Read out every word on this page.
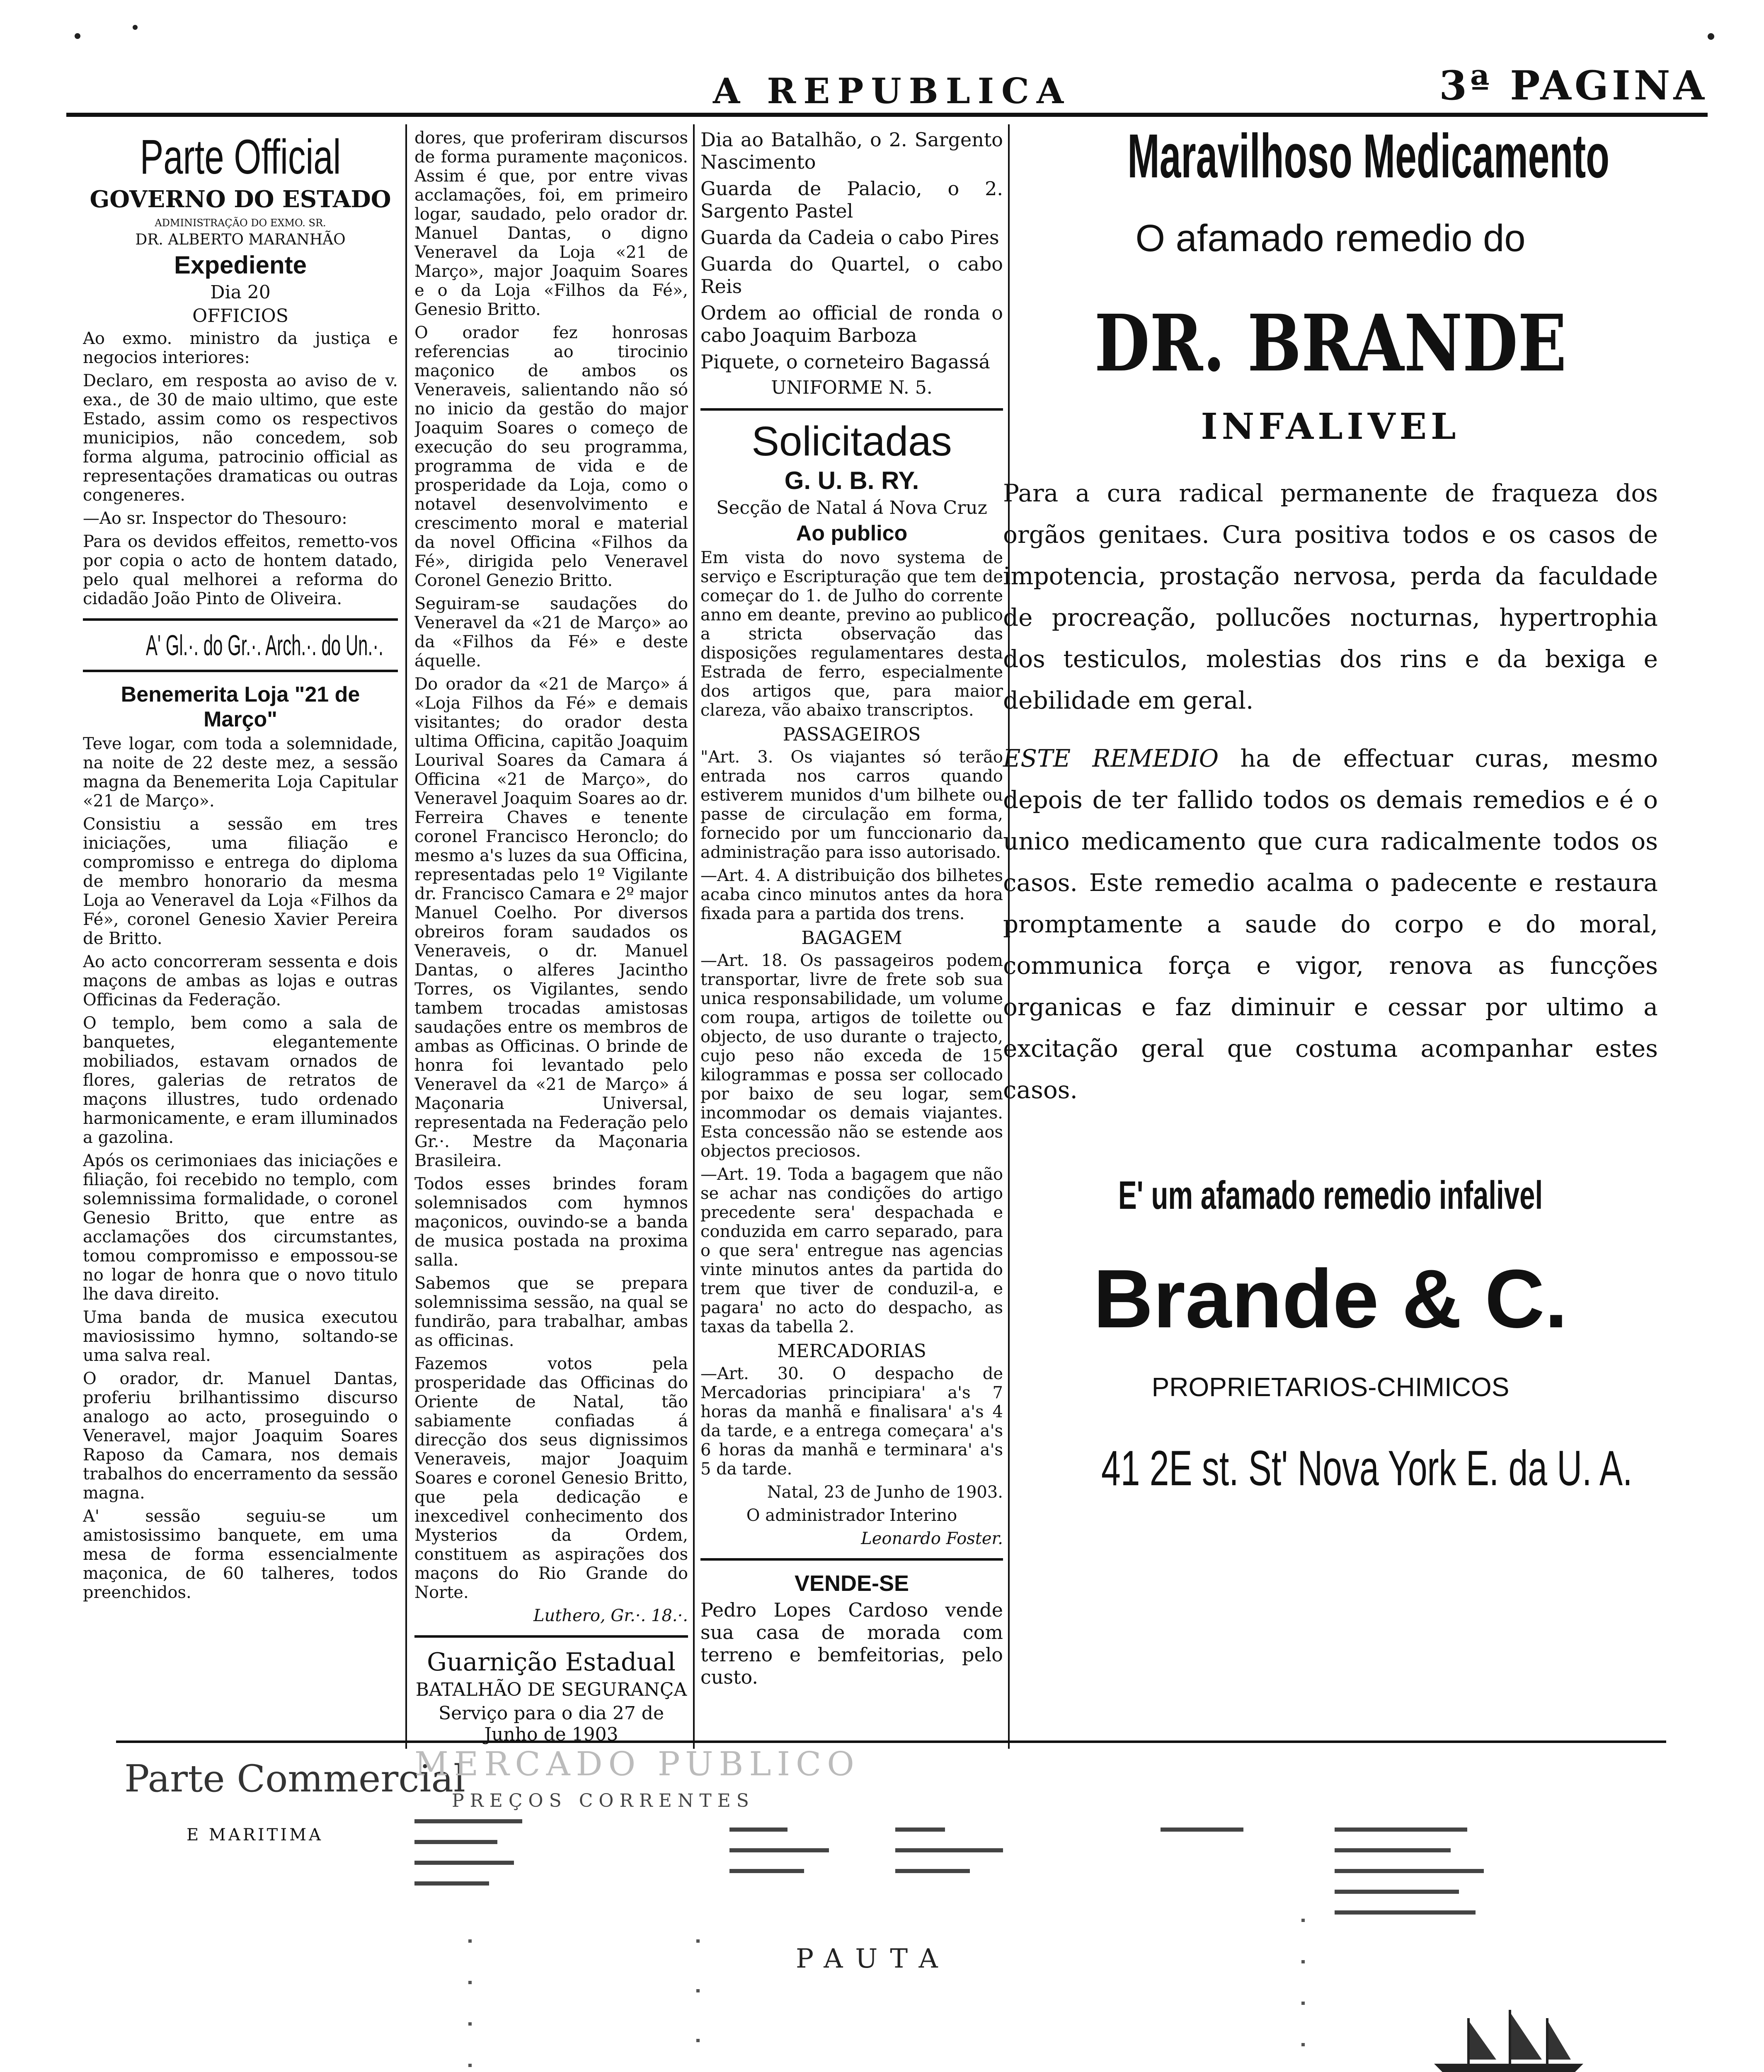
A REPUBLICA	3ª PAGINA
Parte Official
GOVERNO DO ESTADO
ADMINISTRAÇÃO DO EXMO. SR.
DR. ALBERTO MARANHÃO
Expediente
Dia 20
OFFICIOS

Ao exmo. ministro da justiça e negocios interiores:

Declaro, em resposta ao aviso de v. exa., de 30 de maio ultimo, que este Estado, assim como os respectivos municipios, não concedem, sob forma alguma, patrocinio official as representações dramaticas ou outras congeneres.

—Ao sr. Inspector do Thesouro:

Para os devidos effeitos, remetto-vos por copia o acto de hontem datado, pelo qual melhorei a reforma do cidadão João Pinto de Oliveira.

A' Gl.·. do Gr.·. Arch.·. do Un.·.
Benemerita Loja "21 de Março"

Teve logar, com toda a solemnidade, na noite de 22 deste mez, a sessão magna da Benemerita Loja Capitular «21 de Março».

Consistiu a sessão em tres iniciações, uma filiação e compromisso e entrega do diploma de membro honorario da mesma Loja ao Veneravel da Loja «Filhos da Fé», coronel Genesio Xavier Pereira de Britto.

Ao acto concorreram sessenta e dois maçons de ambas as lojas e outras Officinas da Federação.

O templo, bem como a sala de banquetes, elegantemente mobiliados, estavam ornados de flores, galerias de retratos de maçons illustres, tudo ordenado harmonicamente, e eram illuminados a gazolina.

Após os cerimoniaes das iniciações e filiação, foi recebido no templo, com solemnissima formalidade, o coronel Genesio Britto, que entre as acclamações dos circumstantes, tomou compromisso e empossou-se no logar de honra que o novo titulo lhe dava direito.

Uma banda de musica executou maviosissimo hymno, soltando-se uma salva real.

O orador, dr. Manuel Dantas, proferiu brilhantissimo discurso analogo ao acto, proseguindo o Veneravel, major Joaquim Soares Raposo da Camara, nos demais trabalhos do encerramento da sessão magna.

A' sessão seguiu-se um amistosissimo banquete, em uma mesa de forma essencialmente maçonica, de 60 talheres, todos preenchidos.

dores, que proferiram discursos de forma puramente maçonicos. Assim é que, por entre vivas acclamações, foi, em primeiro logar, saudado, pelo orador dr. Manuel Dantas, o digno Veneravel da Loja «21 de Março», major Joaquim Soares e o da Loja «Filhos da Fé», Genesio Britto.

O orador fez honrosas referencias ao tirocinio maçonico de ambos os Veneraveis, salientando não só no inicio da gestão do major Joaquim Soares o começo de execução do seu programma, programma de vida e de prosperidade da Loja, como o notavel desenvolvimento e crescimento moral e material da novel Officina «Filhos da Fé», dirigida pelo Veneravel Coronel Genezio Britto.

Seguiram-se saudações do Veneravel da «21 de Março» ao da «Filhos da Fé» e deste áquelle.

Do orador da «21 de Março» á «Loja Filhos da Fé» e demais visitantes; do orador desta ultima Officina, capitão Joaquim Lourival Soares da Camara á Officina «21 de Março», do Veneravel Joaquim Soares ao dr. Ferreira Chaves e tenente coronel Francisco Heronclo; do mesmo a's luzes da sua Officina, representadas pelo 1º Vigilante dr. Francisco Camara e 2º major Manuel Coelho. Por diversos obreiros foram saudados os Veneraveis, o dr. Manuel Dantas, o alferes Jacintho Torres, os Vigilantes, sendo tambem trocadas amistosas saudações entre os membros de ambas as Officinas. O brinde de honra foi levantado pelo Veneravel da «21 de Março» á Maçonaria Universal, representada na Federação pelo Gr.·. Mestre da Maçonaria Brasileira.

Todos esses brindes foram solemnisados com hymnos maçonicos, ouvindo-se a banda de musica postada na proxima salla.

Sabemos que se prepara solemnissima sessão, na qual se fundirão, para trabalhar, ambas as officinas.

Fazemos votos pela prosperidade das Officinas do Oriente de Natal, tão sabiamente confiadas á direcção dos seus dignissimos Veneraveis, major Joaquim Soares e coronel Genesio Britto, que pela dedicação e inexcedivel conhecimento dos Mysterios da Ordem, constituem as aspirações dos maçons do Rio Grande do Norte.

Luthero, Gr.·. 18.·.

Guarnição Estadual
BATALHÃO DE SEGURANÇA
Serviço para o dia 27 de Junho de 1903

Dia ao Batalhão, o 2. Sargento Nascimento

Guarda de Palacio, o 2. Sargento Pastel

Guarda da Cadeia o cabo Pires

Guarda do Quartel, o cabo Reis

Ordem ao official de ronda o cabo Joaquim Barboza

Piquete, o corneteiro Bagassá

UNIFORME N. 5.
Solicitadas
G. U. B. RY.
Secção de Natal á Nova Cruz
Ao publico

Em vista do novo systema de serviço e Escripturação que tem de começar do 1. de Julho do corrente anno em deante, previno ao publico a stricta observação das disposições regulamentares desta Estrada de ferro, especialmente dos artigos que, para maior clareza, vão abaixo transcriptos.

PASSAGEIROS

"Art. 3. Os viajantes só terão entrada nos carros quando estiverem munidos d'um bilhete ou passe de circulação em forma, fornecido por um funccionario da administração para isso autorisado.

—Art. 4. A distribuição dos bilhetes acaba cinco minutos antes da hora fixada para a partida dos trens.

BAGAGEM

—Art. 18. Os passageiros podem transportar, livre de frete sob sua unica responsabilidade, um volume com roupa, artigos de toilette ou objecto, de uso durante o trajecto, cujo peso não exceda de 15 kilogrammas e possa ser collocado por baixo de seu logar, sem incommodar os demais viajantes. Esta concessão não se estende aos objectos preciosos.

—Art. 19. Toda a bagagem que não se achar nas condições do artigo precedente sera' despachada e conduzida em carro separado, para o que sera' entregue nas agencias vinte minutos antes da partida do trem que tiver de conduzil-a, e pagara' no acto do despacho, as taxas da tabella 2.

MERCADORIAS

—Art. 30. O despacho de Mercadorias principiara' a's 7 horas da manhã e finalisara' a's 4 da tarde, e a entrega começara' a's 6 horas da manhã e terminara' a's 5 da tarde.

Natal, 23 de Junho de 1903.

O administrador Interino

Leonardo Foster.

VENDE-SE

Pedro Lopes Cardoso vende sua casa de morada com terreno e bemfeitorias, pelo custo.

Maravilhoso Medicamento
O afamado remedio do
DR. BRANDE
INFALIVEL
Para a cura radical permanente de fraqueza dos orgãos genitaes. Cura positiva todos e os casos de impotencia, prostação nervosa, perda da faculdade de procreação, pollucões nocturnas, hypertrophia dos testiculos, molestias dos rins e da bexiga e debilidade em geral.
ESTE REMEDIO ha de effectuar curas, mesmo depois de ter fallido todos os demais remedios e é o unico medicamento que cura radicalmente todos os casos. Este remedio acalma o padecente e restaura promptamente a saude do corpo e do moral, communica força e vigor, renova as funcções organicas e faz diminuir e cessar por ultimo a excitação geral que costuma acompanhar estes casos.
E' um afamado remedio infalivel
Brande & C.
PROPRIETARIOS-CHIMICOS
41 2E st. St' Nova York E. da U. A.
Parte Commercial
E MARITIMA
MERCADO PUBLICO
PREÇOS CORRENTES
PAUTA
